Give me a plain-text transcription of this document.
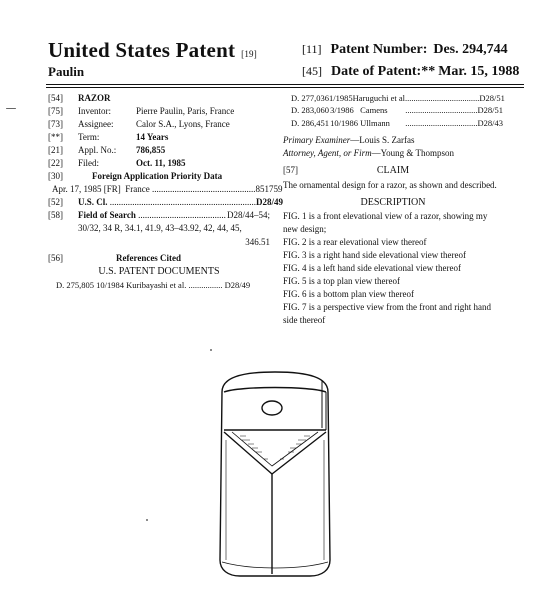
United States Patent [19]
Paulin
[11] Patent Number: Des. 294,744
[45] Date of Patent:** Mar. 15, 1988
[54]	RAZOR
[75]	Inventor:	Pierre Paulin, Paris, France
[73]	Assignee:	Calor S.A., Lyons, France
[**]	Term:	14 Years
[21]	Appl. No.:	786,855
[22]	Filed:	Oct. 11, 1985
[30]	Foreign Application Priority Data
Apr. 17, 1985 [FR]
France .............................................. 851759
[52]	U.S. Cl. ................................................................. D28/49
[58]	Field of Search ....................................... D28/44–54;
30/32, 34 R, 34.1, 41.9, 43–43.92, 42, 44, 45,
346.51
[56]	References Cited
U.S. PATENT DOCUMENTS
D. 275,805 10/1984 Kuribayashi et al. ................ D28/49
D. 277,036 1/1985 Haruguchi et al. .................................. D28/51
D. 283,060 3/1986 Camens	.................................. D28/51
D. 286,451 10/1986 Ullmann	.................................. D28/43
Primary Examiner—Louis S. Zarfas
Attorney, Agent, or Firm—Young & Thompson
[57]	CLAIM
The ornamental design for a razor, as shown and described.
DESCRIPTION
FIG. 1 is a front elevational view of a razor, showing my new design;
FIG. 2 is a rear elevational view thereof
FIG. 3 is a right hand side elevational view thereof
FIG. 4 is a left hand side elevational view thereof
FIG. 5 is a top plan view thereof
FIG. 6 is a bottom plan view thereof
FIG. 7 is a perspective view from the front and right hand side thereof
